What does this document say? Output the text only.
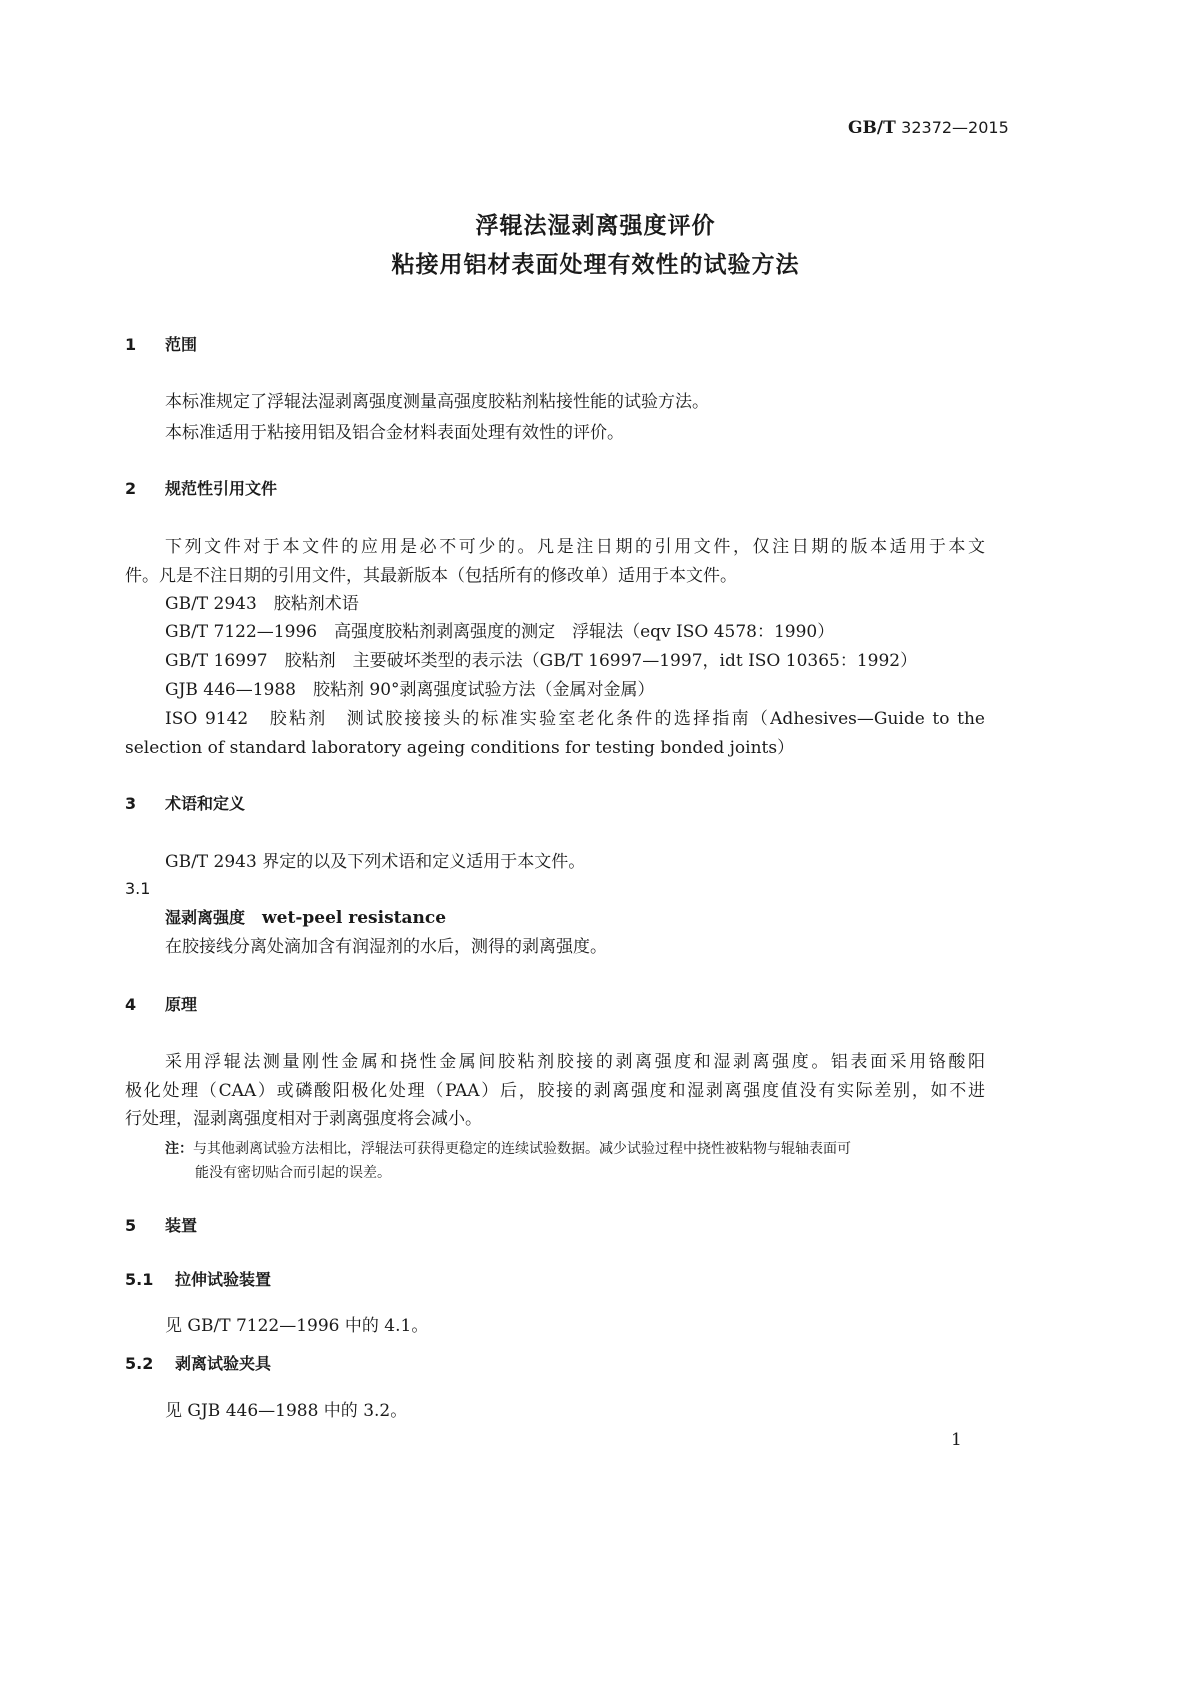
GB/T 32372—2015
浮辊法湿剥离强度评价
粘接用铝材表面处理有效性的试验方法
1 范围
本标准规定了浮辊法湿剥离强度测量高强度胶粘剂粘接性能的试验方法。
本标准适用于粘接用铝及铝合金材料表面处理有效性的评价。
2 规范性引用文件
下列文件对于本文件的应用是必不可少的。凡是注日期的引用文件，仅注日期的版本适用于本文
件。凡是不注日期的引用文件，其最新版本（包括所有的修改单）适用于本文件。
GB/T 2943　胶粘剂术语
GB/T 7122—1996　高强度胶粘剂剥离强度的测定　浮辊法（eqv ISO 4578：1990）
GB/T 16997　胶粘剂　主要破坏类型的表示法（GB/T 16997—1997，idt ISO 10365：1992）
GJB 446—1988　胶粘剂 90°剥离强度试验方法（金属对金属）
ISO 9142　胶粘剂　测试胶接接头的标准实验室老化条件的选择指南（Adhesives—Guide to the
selection of standard laboratory ageing conditions for testing bonded joints）
3 术语和定义
GB/T 2943 界定的以及下列术语和定义适用于本文件。
3.1
湿剥离强度　 wet-peel resistance
在胶接线分离处滴加含有润湿剂的水后，测得的剥离强度。
4 原理
采用浮辊法测量刚性金属和挠性金属间胶粘剂胶接的剥离强度和湿剥离强度。铝表面采用铬酸阳
极化处理（CAA）或磷酸阳极化处理（PAA）后，胶接的剥离强度和湿剥离强度值没有实际差别，如不进
行处理，湿剥离强度相对于剥离强度将会减小。
注：与其他剥离试验方法相比，浮辊法可获得更稳定的连续试验数据。减少试验过程中挠性被粘物与辊轴表面可
能没有密切贴合而引起的误差。
5 装置
5.1 拉伸试验装置
见 GB/T 7122—1996 中的 4.1。
5.2 剥离试验夹具
见 GJB 446—1988 中的 3.2。
1
